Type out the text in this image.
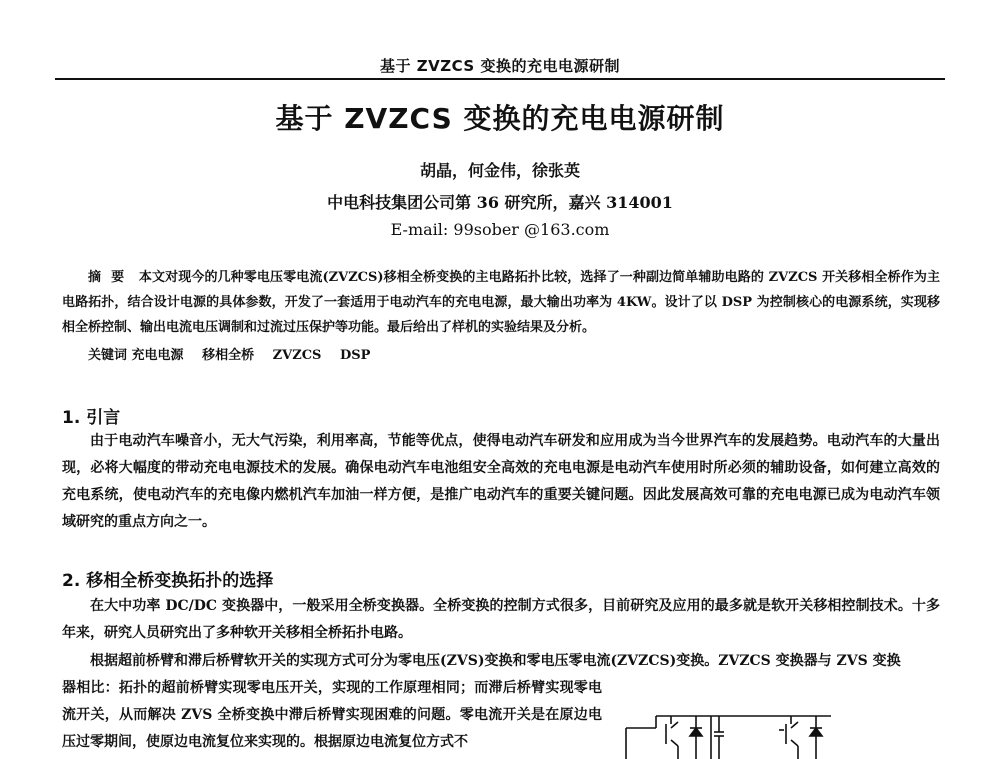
基于 ZVZCS 变换的充电电源研制
基于 ZVZCS 变换的充电电源研制
胡晶，何金伟，徐张英
中电科技集团公司第 36 研究所，嘉兴 314001
E-mail: 99sober @163.com
摘要 本文对现今的几种零电压零电流(ZVZCS)移相全桥变换的主电路拓扑比较，选择了一种副边简单辅助电路的 ZVZCS 开关移相全桥作为主电路拓扑，结合设计电源的具体参数，开发了一套适用于电动汽车的充电电源，最大输出功率为 4KW。设计了以 DSP 为控制核心的电源系统，实现移相全桥控制、输出电流电压调制和过流过压保护等功能。最后给出了样机的实验结果及分析。
关键词 充电电源 移相全桥 ZVZCS DSP
1. 引言
由于电动汽车噪音小，无大气污染，利用率高，节能等优点，使得电动汽车研发和应用成为当今世界汽车的发展趋势。电动汽车的大量出现，必将大幅度的带动充电电源技术的发展。确保电动汽车电池组安全高效的充电电源是电动汽车使用时所必须的辅助设备，如何建立高效的充电系统，使电动汽车的充电像内燃机汽车加油一样方便，是推广电动汽车的重要关键问题。因此发展高效可靠的充电电源已成为电动汽车领域研究的重点方向之一。
2. 移相全桥变换拓扑的选择
在大中功率 DC/DC 变换器中，一般采用全桥变换器。全桥变换的控制方式很多，目前研究及应用的最多就是软开关移相控制技术。十多年来，研究人员研究出了多种软开关移相全桥拓扑电路。
根据超前桥臂和滞后桥臂软开关的实现方式可分为零电压(ZVS)变换和零电压零电流(ZVZCS)变换。ZVZCS 变换器与 ZVS 变换
器相比：拓扑的超前桥臂实现零电压开关，实现的工作原理相同；而滞后桥臂实现零电流开关，从而解决 ZVS 全桥变换中滞后桥臂实现困难的问题。零电流开关是在原边电压过零期间，使原边电流复位来实现的。根据原边电流复位方式不
